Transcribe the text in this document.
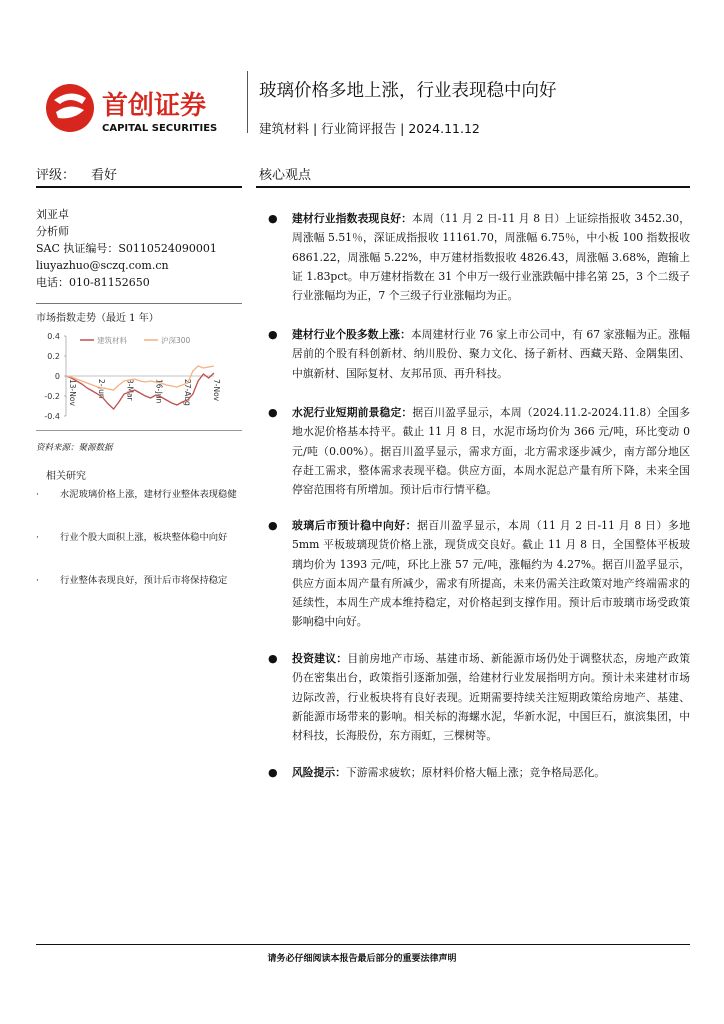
首创证券
CAPITAL SECURITIES
玻璃价格多地上涨，行业表现稳中向好
建筑材料 | 行业简评报告 | 2024.11.12
评级： 看好
刘亚卓
分析师
SAC 执证编号：S0110524090001
liuyazhuo@sczq.com.cn
电话：010-81152650
市场指数走势（最近 1 年）
0.4
0.2
0
-0.2
-0.4
13-Nov	2-Jun	3-Mar	16-Jun	27-Aug	7-Nov
建筑材料	沪深300
资料来源：聚源数据
相关研究
· 水泥玻璃价格上涨，建材行业整体表现稳健
· 行业个股大面积上涨，板块整体稳中向好
· 行业整体表现良好，预计后市将保持稳定
核心观点
● 建材行业指数表现良好：本周（11 月 2 日-11 月 8 日）上证综指报收 3452.30，周涨幅 5.51％，深证成指报收 11161.70，周涨幅 6.75％，中小板 100 指数报收 6861.22，周涨幅 5.22%，申万建材指数报收 4826.43，周涨幅 3.68%，跑输上证 1.83pct。申万建材指数在 31 个申万一级行业涨跌幅中排名第 25，3 个二级子行业涨幅均为正，7 个三级子行业涨幅均为正。
● 建材行业个股多数上涨：本周建材行业 76 家上市公司中，有 67 家涨幅为正。涨幅居前的个股有科创新材、纳川股份、聚力文化、扬子新材、西藏天路、金隅集团、中旗新材、国际复材、友邦吊顶、再升科技。
● 水泥行业短期前景稳定：据百川盈孚显示，本周（2024.11.2-2024.11.8）全国多地水泥价格基本持平。截止 11 月 8 日，水泥市场均价为 366 元/吨，环比变动 0 元/吨（0.00%）。据百川盈孚显示，需求方面，北方需求逐步减少，南方部分地区存赶工需求，整体需求表现平稳。供应方面，本周水泥总产量有所下降，未来全国停窑范围将有所增加。预计后市行情平稳。
● 玻璃后市预计稳中向好：据百川盈孚显示，本周（11 月 2 日-11 月 8 日）多地 5mm 平板玻璃现货价格上涨，现货成交良好。截止 11 月 8 日，全国整体平板玻璃均价为 1393 元/吨，环比上涨 57 元/吨，涨幅约为 4.27%。据百川盈孚显示，供应方面本周产量有所减少，需求有所提高，未来仍需关注政策对地产终端需求的延续性，本周生产成本维持稳定，对价格起到支撑作用。预计后市玻璃市场受政策影响稳中向好。
● 投资建议：目前房地产市场、基建市场、新能源市场仍处于调整状态，房地产政策仍在密集出台，政策指引逐渐加强，给建材行业发展指明方向。预计未来建材市场边际改善，行业板块将有良好表现。近期需要持续关注短期政策给房地产、基建、新能源市场带来的影响。相关标的海螺水泥，华新水泥，中国巨石，旗滨集团，中材科技，长海股份，东方雨虹，三棵树等。
● 风险提示：下游需求疲软；原材料价格大幅上涨；竞争格局恶化。
请务必仔细阅读本报告最后部分的重要法律声明
